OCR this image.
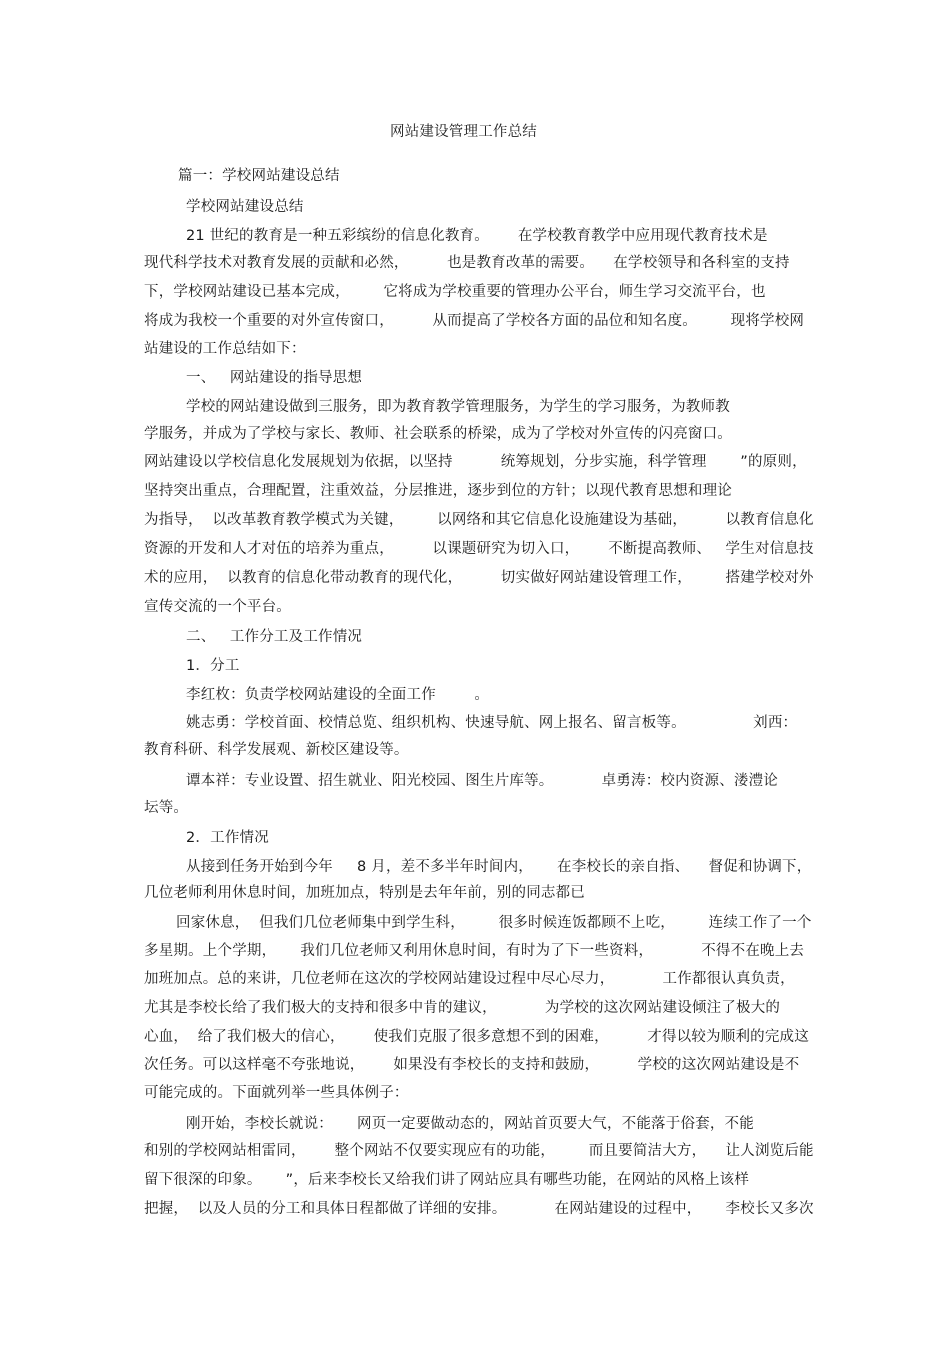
网站建设管理工作总结
篇一：学校网站建设总结
学校网站建设总结
21 世纪的教育是一种五彩缤纷的信息化教育。      在学校教育教学中应用现代教育技术是
现代科学技术对教育发展的贡献和必然，        也是教育改革的需要。    在学校领导和各科室的支持
下，学校网站建设已基本完成，       它将成为学校重要的管理办公平台，师生学习交流平台，也
将成为我校一个重要的对外宣传窗口，        从而提高了学校各方面的品位和知名度。       现将学校网
站建设的工作总结如下：
一、   网站建设的指导思想
学校的网站建设做到三服务，即为教育教学管理服务，为学生的学习服务，为教师教
学服务，并成为了学校与家长、教师、社会联系的桥梁，成为了学校对外宣传的闪亮窗口。
网站建设以学校信息化发展规划为依据，以坚持          统筹规划，分步实施，科学管理       ”的原则，
坚持突出重点，合理配置，注重效益，分层推进，逐步到位的方针；以现代教育思想和理论
为指导，  以改革教育教学模式为关键，       以网络和其它信息化设施建设为基础，        以教育信息化
资源的开发和人才对伍的培养为重点，        以课题研究为切入口，      不断提高教师、   学生对信息技
术的应用，  以教育的信息化带动教育的现代化，        切实做好网站建设管理工作，       搭建学校对外
宣传交流的一个平台。
二、   工作分工及工作情况
1．分工
李红枚：负责学校网站建设的全面工作        。
姚志勇：学校首面、校情总览、组织机构、快速导航、网上报名、留言板等。              刘西：
教育科研、科学发展观、新校区建设等。
谭本祥：专业设置、招生就业、阳光校园、图生片库等。          卓勇涛：校内资源、溇澧论
坛等。
2．工作情况
从接到任务开始到今年     8 月，差不多半年时间内，     在李校长的亲自指、    督促和协调下，
几位老师利用休息时间，加班加点，特别是去年年前，别的同志都已
回家休息，  但我们几位老师集中到学生科，       很多时候连饭都顾不上吃，       连续工作了一个
多星期。上个学期，     我们几位老师又利用休息时间，有时为了下一些资料，          不得不在晚上去
加班加点。总的来讲，几位老师在这次的学校网站建设过程中尽心尽力，          工作都很认真负责，
尤其是李校长给了我们极大的支持和很多中肯的建议，          为学校的这次网站建设倾注了极大的
心血，  给了我们极大的信心，      使我们克服了很多意想不到的困难，        才得以较为顺利的完成这
次任务。可以这样毫不夸张地说，      如果没有李校长的支持和鼓励，        学校的这次网站建设是不
可能完成的。下面就列举一些具体例子：
刚开始，李校长就说：     网页一定要做动态的，网站首页要大气，不能落于俗套，不能
和别的学校网站相雷同，      整个网站不仅要实现应有的功能，       而且要简洁大方，    让人浏览后能
留下很深的印象。     ”，后来李校长又给我们讲了网站应具有哪些功能，在网站的风格上该样
把握，  以及人员的分工和具体日程都做了详细的安排。          在网站建设的过程中，     李校长又多次
